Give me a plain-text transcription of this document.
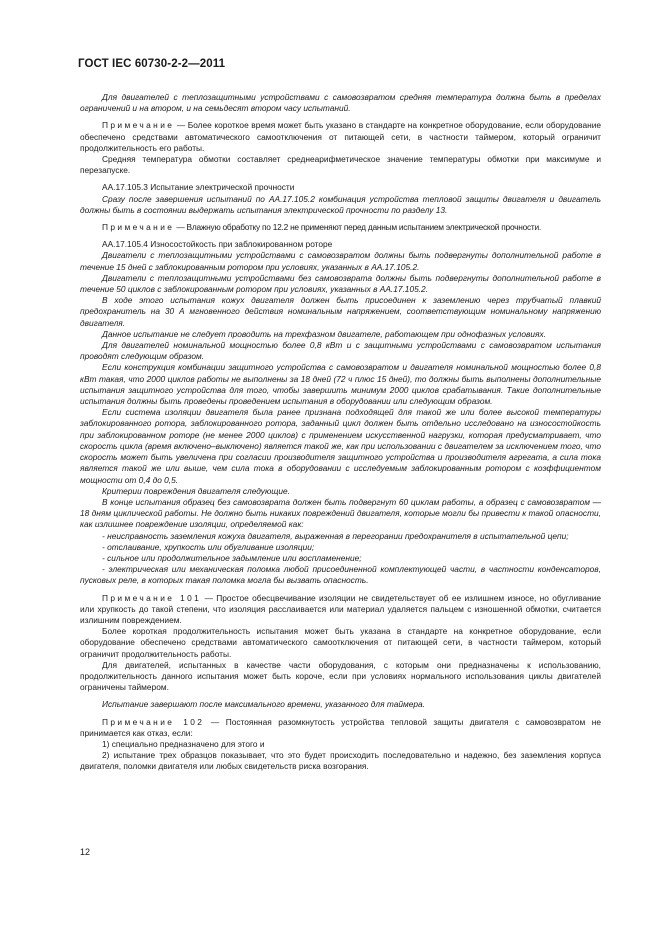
ГОСТ IEC 60730-2-2—2011

Для двигателей с теплозащитными устройствами с самовозвратом средняя температура должна быть в пределах ограничений и на втором, и на семьдесят втором часу испытаний.

Примечание — Более короткое время может быть указано в стандарте на конкретное оборудование, если оборудование обеспечено средствами автоматического самоотключения от питающей сети, в частности таймером, который ограничит продолжительность его работы.

Средняя температура обмотки составляет среднеарифметическое значение температуры обмотки при максимуме и перезапуске.

АА.17.105.3 Испытание электрической прочности

Сразу после завершения испытаний по АА.17.105.2 комбинация устройства тепловой защиты двигателя и двигатель должны быть в состоянии выдержать испытания электрической прочности по разделу 13.

Примечание — Влажную обработку по 12.2 не применяют перед данным испытанием электрической прочности.

АА.17.105.4 Износостойкость при заблокированном роторе

Двигатели с теплозащитными устройствами с самовозвратом должны быть подвергнуты дополнительной работе в течение 15 дней с заблокированным ротором при условиях, указанных в АА.17.105.2.

Двигатели с теплозащитными устройствами без самовозвратa должны быть подвергнуты дополнительной работе в течение 50 циклов с заблокированным ротором при условиях, указанных в АА.17.105.2.

В ходе этого испытания кожух двигателя должен быть присоединен к заземлению через трубчатый плавкий предохранитель на 30 А мгновенного действия номинальным напряжением, соответствующим номинальному напряжению двигателя.

Данное испытание не следует проводить на трехфазном двигателе, работающем при однофазных условиях.

Для двигателей номинальной мощностью более 0,8 кВт и с защитными устройствами с самовозвратом испытания проводят следующим образом.

Если конструкция комбинации защитного устройства с самовозвратом и двигателя номинальной мощностью более 0,8 кВт такая, что 2000 циклов работы не выполнены за 18 дней (72 ч плюс 15 дней), то должны быть выполнены дополнительные испытания защитного устройства для того, чтобы завершить минимум 2000 циклов срабатывания. Такие дополнительные испытания должны быть проведены проведением испытания в оборудовании или следующим образом.

Если система изоляции двигателя была ранее признана подходящей для такой же или более высокой температуры заблокированного ротора, заблокированного ротора, заданный цикл должен быть отдельно исследовано на износостойкость при заблокированном роторе (не менее 2000 циклов) с применением искусственной нагрузки, которая предусматривает, что скорость цикла (время включено–выключено) является такой же, как при использовании с двигателем за исключением того, что скорость может быть увеличена при согласии производителя защитного устройства и производителя агрегата, а сила тока является такой же или выше, чем сила тока в оборудовании с исследуемым заблокированным ротором с коэффициентом мощности от 0,4 до 0,5.

Критерии повреждения двигателя следующие.

В конце испытания образец без самовозврата должен быть подвергнут 60 циклам работы, а образец с самовозвратом — 18 дням циклической работы. Не должно быть никаких повреждений двигателя, которые могли бы привести к такой опасности, как излишнее повреждение изоляции, определяемой как:

- неисправность заземления кожуха двигателя, выраженная в перегорании предохранителя в испытательной цепи;

- отслаивание, хрупкость или обугливание изоляции;

- сильное или продолжительное задымление или воспламенение;

- электрическая или механическая поломка любой присоединенной комплектующей части, в частности конденсаторов, пусковых реле, в которых такая поломка могла бы вызвать опасность.

Примечание 101 — Простое обесцвечивание изоляции не свидетельствует об ее излишнем износе, но обугливание или хрупкость до такой степени, что изоляция расслаивается или материал удаляется пальцем с изношенной обмотки, считается излишним повреждением.

Более короткая продолжительность испытания может быть указана в стандарте на конкретное оборудование, если оборудование обеспечено средствами автоматического самоотключения от питающей сети, в частности таймером, который ограничит продолжительность работы.

Для двигателей, испытанных в качестве части оборудования, с которым они предназначены к использованию, продолжительность данного испытания может быть короче, если при условиях нормального использования циклы двигателей ограничены таймером.

Испытание завершают после максимального времени, указанного для таймера.

Примечание 102 — Постоянная разомкнутость устройства тепловой защиты двигателя с самовозвратом не принимается как отказ, если:

1) специально предназначено для этого и

2) испытание трех образцов показывает, что это будет происходить последовательно и надежно, без заземления корпуса двигателя, поломки двигателя или любых свидетельств риска возгорания.

12
